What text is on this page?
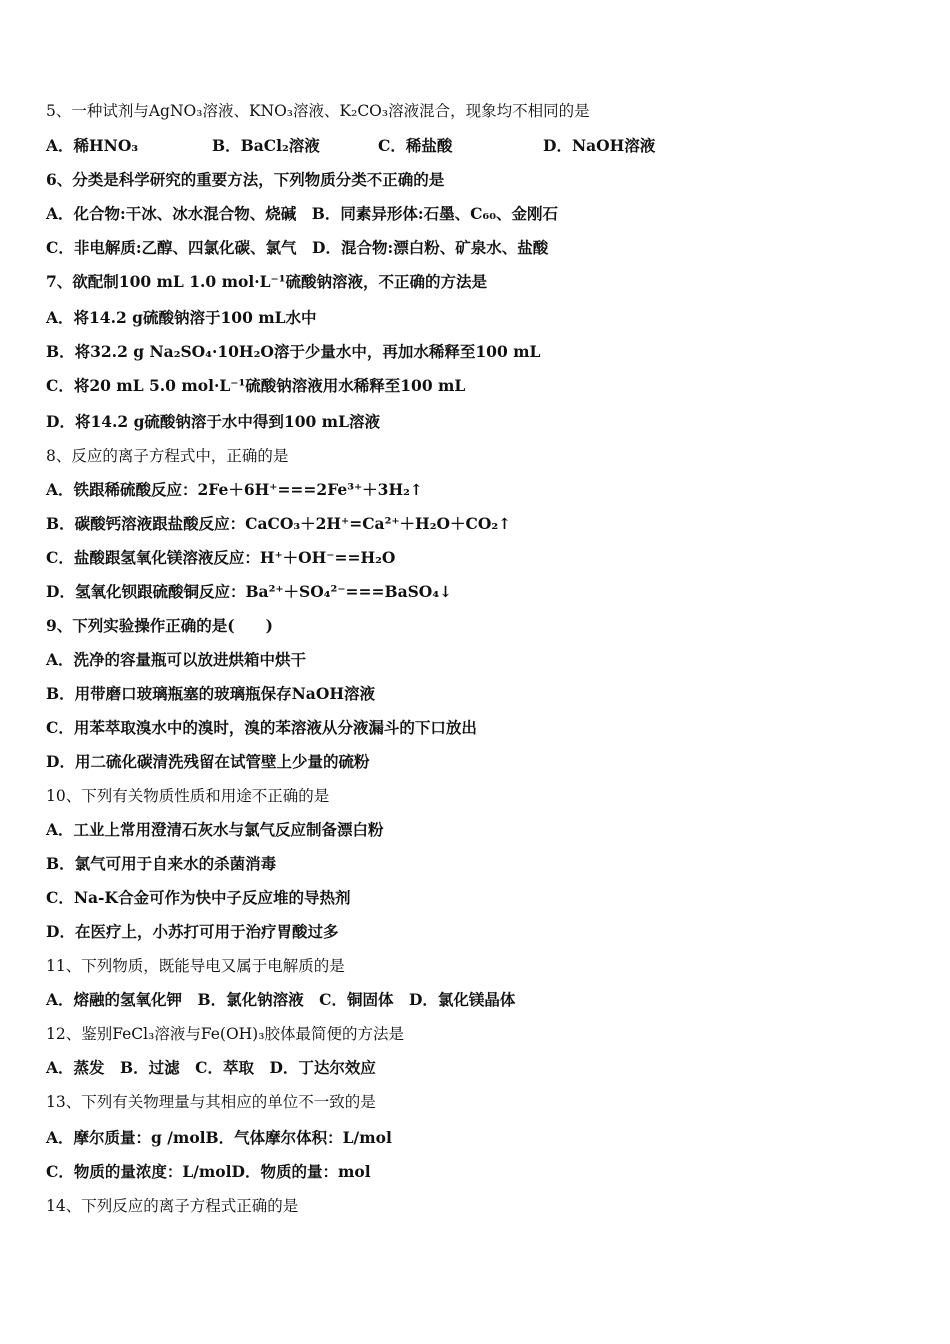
5、一种试剂与AgNO₃溶液、KNO₃溶液、K₂CO₃溶液混合，现象均不相同的是
A．稀HNO₃	B．BaCl₂溶液	C．稀盐酸	D．NaOH溶液
6、分类是科学研究的重要方法，下列物质分类不正确的是
A．化合物:干冰、冰水混合物、烧碱　B．同素异形体:石墨、C₆₀、金刚石
C．非电解质:乙醇、四氯化碳、氯气　D．混合物:漂白粉、矿泉水、盐酸
7、欲配制100 mL 1.0 mol·L⁻¹硫酸钠溶液，不正确的方法是
A．将14.2 g硫酸钠溶于100 mL水中
B．将32.2 g Na₂SO₄·10H₂O溶于少量水中，再加水稀释至100 mL
C．将20 mL 5.0 mol·L⁻¹硫酸钠溶液用水稀释至100 mL
D．将14.2 g硫酸钠溶于水中得到100 mL溶液
8、反应的离子方程式中，正确的是
A．铁跟稀硫酸反应：2Fe＋6H⁺===2Fe³⁺＋3H₂↑
B．碳酸钙溶液跟盐酸反应：CaCO₃＋2H⁺=Ca²⁺＋H₂O＋CO₂↑
C．盐酸跟氢氧化镁溶液反应：H⁺＋OH⁻==H₂O
D．氢氧化钡跟硫酸铜反应：Ba²⁺＋SO₄²⁻===BaSO₄↓
9、下列实验操作正确的是(　　)
A．洗净的容量瓶可以放进烘箱中烘干
B．用带磨口玻璃瓶塞的玻璃瓶保存NaOH溶液
C．用苯萃取溴水中的溴时，溴的苯溶液从分液漏斗的下口放出
D．用二硫化碳清洗残留在试管壁上少量的硫粉
10、下列有关物质性质和用途不正确的是
A．工业上常用澄清石灰水与氯气反应制备漂白粉
B．氯气可用于自来水的杀菌消毒
C．Na-K合金可作为快中子反应堆的导热剂
D．在医疗上，小苏打可用于治疗胃酸过多
11、下列物质，既能导电又属于电解质的是
A．熔融的氢氧化钾　B．氯化钠溶液　C．铜固体　D．氯化镁晶体
12、鉴别FeCl₃溶液与Fe(OH)₃胶体最简便的方法是
A．蒸发　B．过滤　C．萃取　D．丁达尔效应
13、下列有关物理量与其相应的单位不一致的是
A．摩尔质量：g /molB．气体摩尔体积：L/mol
C．物质的量浓度：L/molD．物质的量：mol
14、下列反应的离子方程式正确的是
